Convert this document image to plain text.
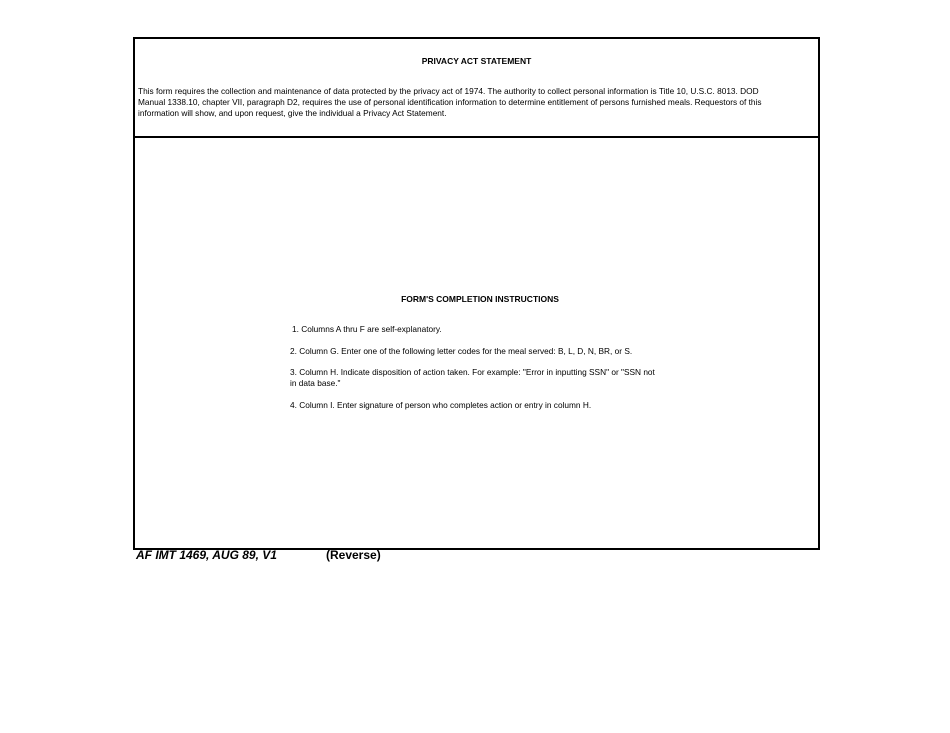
PRIVACY ACT STATEMENT
This form requires the collection and maintenance of data protected by the privacy act of 1974. The authority to collect personal information is Title 10, U.S.C. 8013. DOD Manual 1338.10, chapter VII, paragraph D2, requires the use of personal identification information to determine entitlement of persons furnished meals. Requestors of this information will show, and upon request, give the individual a Privacy Act Statement.
FORM'S COMPLETION INSTRUCTIONS
1. Columns A thru F are self-explanatory.
2. Column G. Enter one of the following letter codes for the meal served: B, L, D, N, BR, or S.
3. Column H. Indicate disposition of action taken. For example: "Error in inputting SSN" or "SSN not in data base."
4. Column I. Enter signature of person who completes action or entry in column H.
AF IMT 1469, AUG 89, V1	(Reverse)
